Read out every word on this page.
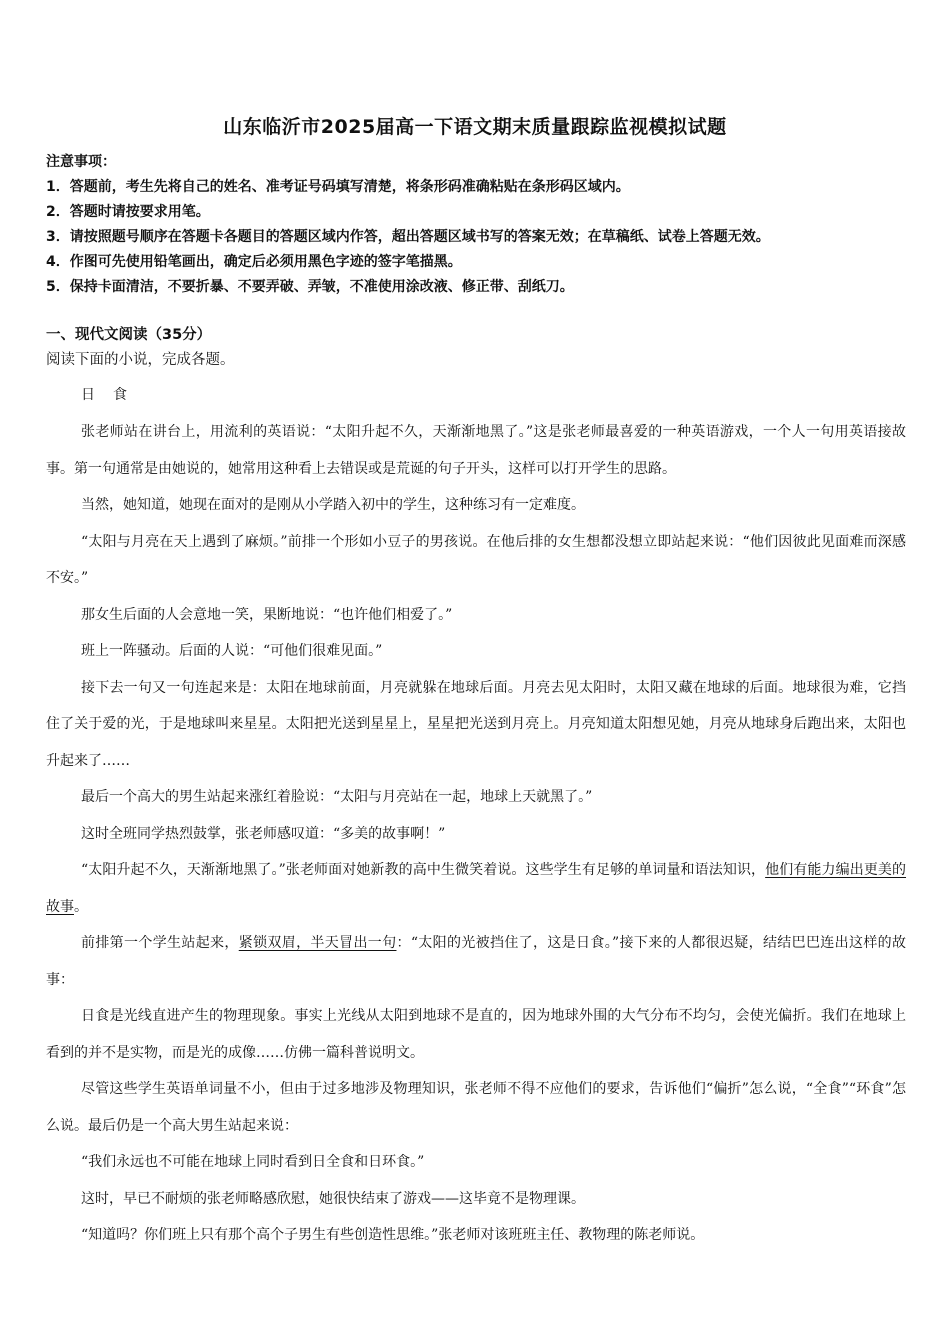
山东临沂市2025届高一下语文期末质量跟踪监视模拟试题

注意事项：

1．答题前，考生先将自己的姓名、准考证号码填写清楚，将条形码准确粘贴在条形码区域内。

2．答题时请按要求用笔。

3．请按照题号顺序在答题卡各题目的答题区域内作答，超出答题区域书写的答案无效；在草稿纸、试卷上答题无效。

4．作图可先使用铅笔画出，确定后必须用黑色字迹的签字笔描黑。

5．保持卡面清洁，不要折暴、不要弄破、弄皱，不准使用涂改液、修正带、刮纸刀。

一、现代文阅读（35分）

阅读下面的小说，完成各题。

日食

张老师站在讲台上，用流利的英语说：“太阳升起不久，天渐渐地黑了。”这是张老师最喜爱的一种英语游戏，一个人一句用英语接故事。第一句通常是由她说的，她常用这种看上去错误或是荒诞的句子开头，这样可以打开学生的思路。

当然，她知道，她现在面对的是刚从小学踏入初中的学生，这种练习有一定难度。

“太阳与月亮在天上遇到了麻烦。”前排一个形如小豆子的男孩说。在他后排的女生想都没想立即站起来说：“他们因彼此见面难而深感不安。”

那女生后面的人会意地一笑，果断地说：“也许他们相爱了。”

班上一阵骚动。后面的人说：“可他们很难见面。”

接下去一句又一句连起来是：太阳在地球前面，月亮就躲在地球后面。月亮去见太阳时，太阳又藏在地球的后面。地球很为难，它挡住了关于爱的光，于是地球叫来星星。太阳把光送到星星上，星星把光送到月亮上。月亮知道太阳想见她，月亮从地球身后跑出来，太阳也升起来了……

最后一个高大的男生站起来涨红着脸说：“太阳与月亮站在一起，地球上天就黑了。”

这时全班同学热烈鼓掌，张老师感叹道：“多美的故事啊！”

“太阳升起不久，天渐渐地黑了。”张老师面对她新教的高中生微笑着说。这些学生有足够的单词量和语法知识，他们有能力编出更美的故事。

前排第一个学生站起来，紧锁双眉，半天冒出一句：“太阳的光被挡住了，这是日食。”接下来的人都很迟疑，结结巴巴连出这样的故事：

日食是光线直进产生的物理现象。事实上光线从太阳到地球不是直的，因为地球外围的大气分布不均匀，会使光偏折。我们在地球上看到的并不是实物，而是光的成像……仿佛一篇科普说明文。

尽管这些学生英语单词量不小，但由于过多地涉及物理知识，张老师不得不应他们的要求，告诉他们“偏折”怎么说，“全食”“环食”怎么说。最后仍是一个高大男生站起来说：

“我们永远也不可能在地球上同时看到日全食和日环食。”

这时，早已不耐烦的张老师略感欣慰，她很快结束了游戏——这毕竟不是物理课。

“知道吗？你们班上只有那个高个子男生有些创造性思维。”张老师对该班班主任、教物理的陈老师说。
